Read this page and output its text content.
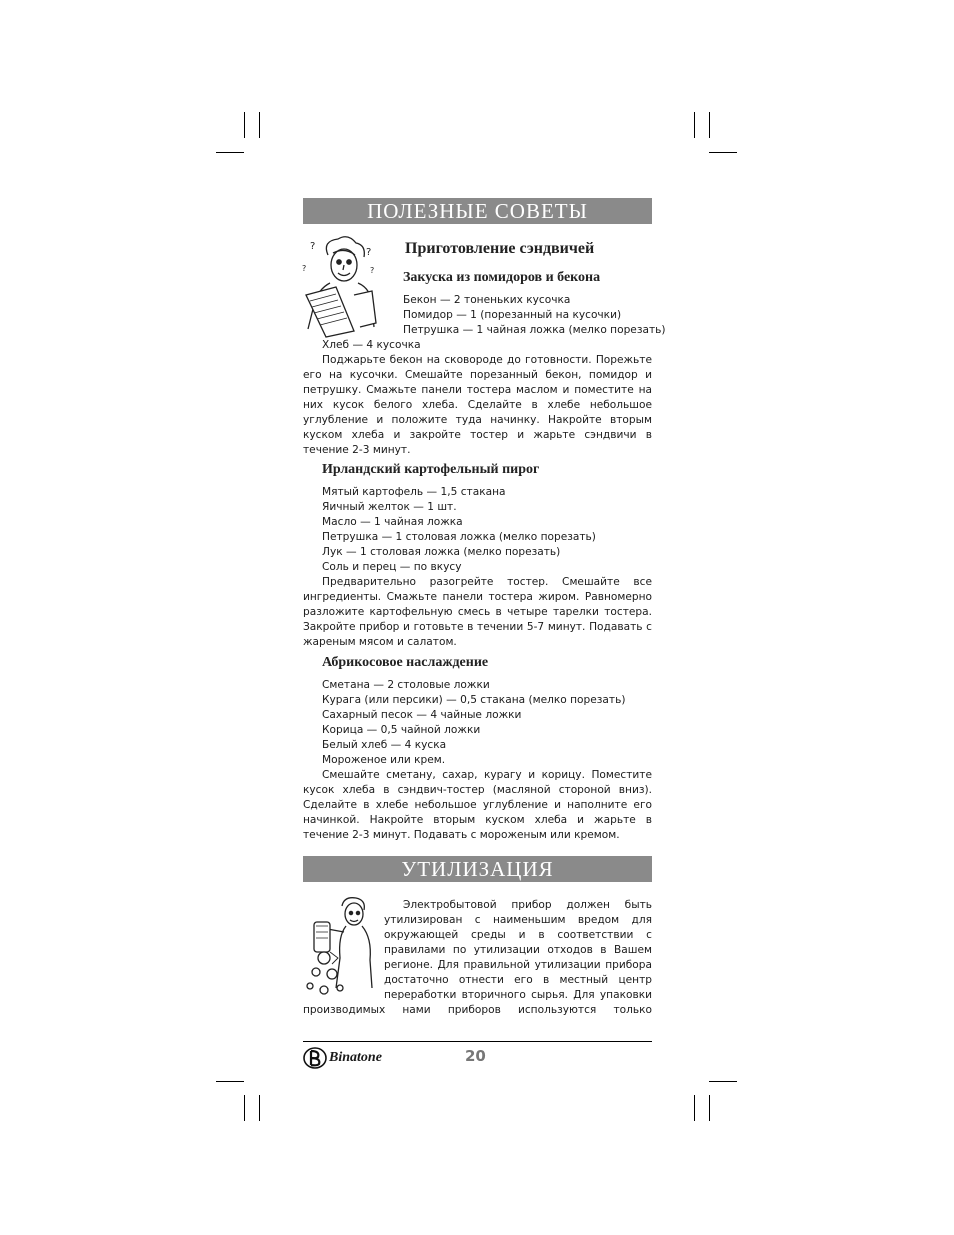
ПОЛЕЗНЫЕ СОВЕТЫ
?
?
?	?
Приготовление сэндвичей
Закуска из помидоров и бекона
Бекон — 2 тоненьких кусочка
Помидор — 1 (порезанный на кусочки)
Петрушка — 1 чайная ложка (мелко порезать)
Хлеб — 4 кусочка
Поджарьте бекон на сковороде до готовности. Порежьте его на кусочки. Смешайте порезанный бекон, помидор и петрушку. Смажьте панели тостера маслом и поместите на них кусок белого хлеба. Сделайте в хлебе небольшое углубление и положите туда начинку. Накройте вторым куском хлеба и закройте тостер и жарьте сэндвичи в течение 2-3 минут.
Ирландский картофельный пирог
Мятый картофель — 1,5 стакана
Яичный желток — 1 шт.
Масло — 1 чайная ложка
Петрушка — 1 столовая ложка (мелко порезать)
Лук — 1 столовая ложка (мелко порезать)
Соль и перец — по вкусу
Предварительно разогрейте тостер. Смешайте все ингредиенты. Смажьте панели тостера жиром. Равномерно разложите картофельную смесь в четыре тарелки тостера. Закройте прибор и готовьте в течении 5-7 минут. Подавать с жареным мясом и салатом.
Абрикосовое наслаждение
Сметана — 2 столовые ложки
Курага (или персики) — 0,5 стакана (мелко порезать)
Сахарный песок — 4 чайные ложки
Корица — 0,5 чайной ложки
Белый хлеб — 4 куска
Мороженое или крем.
Смешайте сметану, сахар, курагу и корицу. Поместите кусок хлеба в сэндвич-тостер (масляной стороной вниз). Сделайте в хлебе небольшое углубление и наполните его начинкой. Накройте вторым куском хлеба и жарьте в течение 2-3 минут. Подавать с мороженым или кремом.
УТИЛИЗАЦИЯ
Электробытовой прибор должен быть
утилизирован с наименьшим вредом для
окружающей среды и в соответствии с
правилами по утилизации отходов в Вашем
регионе. Для правильной утилизации прибора
достаточно отнести его в местный центр
переработки вторичного сырья. Для упаковки
производимых нами приборов используются только
Binatone	20
